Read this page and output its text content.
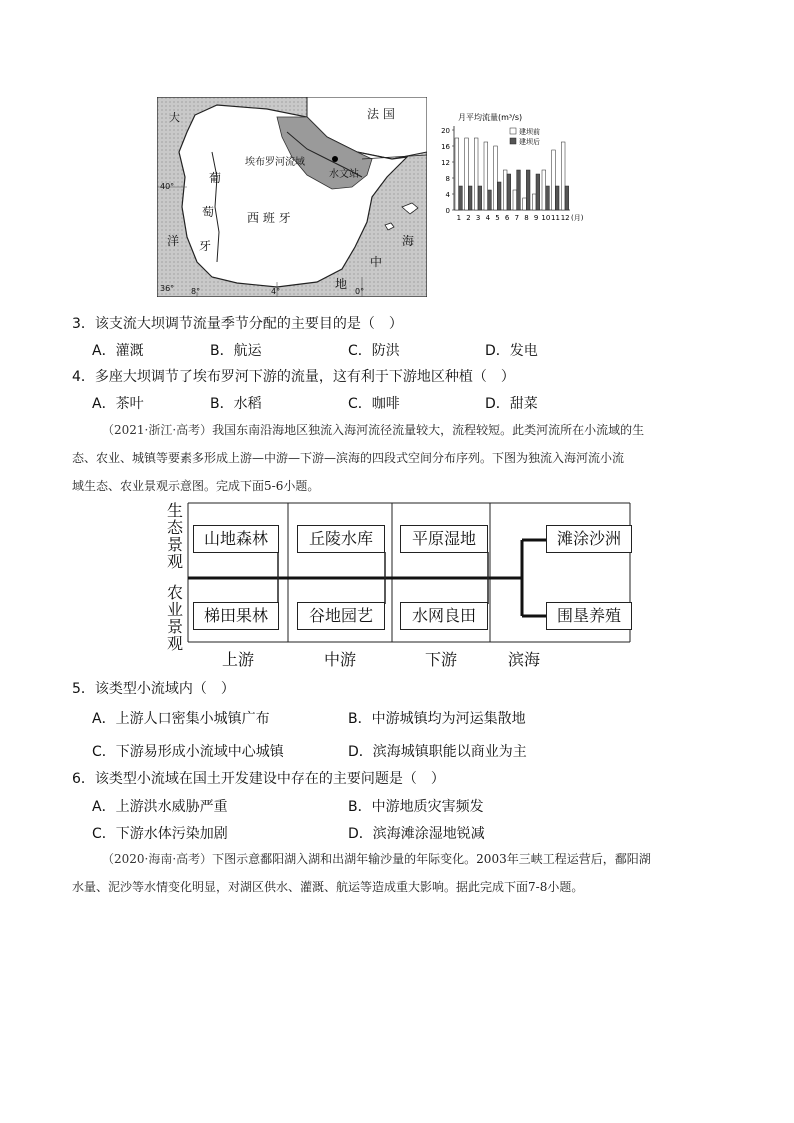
大	法 国
埃布罗河流域
水文站
葡
萄
牙
西 班 牙
洋	海
中
地
40°
36° 8°	4°	0°
月平均流量(m³/s)
0
4
8
12
16
20
1 2 3 4 5 6 7 8 9 10 11 12 (月)
建坝前
建坝后
3．该支流大坝调节流量季节分配的主要目的是（　）
A．灌溉	B．航运	C．防洪	D．发电
4．多座大坝调节了埃布罗河下游的流量，这有利于下游地区种植（　）
A．茶叶	B．水稻	C．咖啡	D．甜菜
（2021·浙江·高考）我国东南沿海地区独流入海河流径流量较大，流程较短。此类河流所在小流域的生
态、农业、城镇等要素多形成上游—中游—下游—滨海的四段式空间分布序列。下图为独流入海河流小流
域生态、农业景观示意图。完成下面5-6小题。
生
态
景
观
农
业
景
观
山地森林	丘陵水库	平原湿地	滩涂沙洲
梯田果林	谷地园艺	水网良田	围垦养殖
上游	中游	下游	滨海
5．该类型小流域内（　）
A．上游人口密集小城镇广布	B．中游城镇均为河运集散地
C．下游易形成小流域中心城镇	D．滨海城镇职能以商业为主
6．该类型小流域在国土开发建设中存在的主要问题是（　）
A．上游洪水威胁严重	B．中游地质灾害频发
C．下游水体污染加剧	D．滨海滩涂湿地锐减
（2020·海南·高考）下图示意鄱阳湖入湖和出湖年输沙量的年际变化。2003年三峡工程运营后，鄱阳湖
水量、泥沙等水情变化明显，对湖区供水、灌溉、航运等造成重大影响。据此完成下面7-8小题。
